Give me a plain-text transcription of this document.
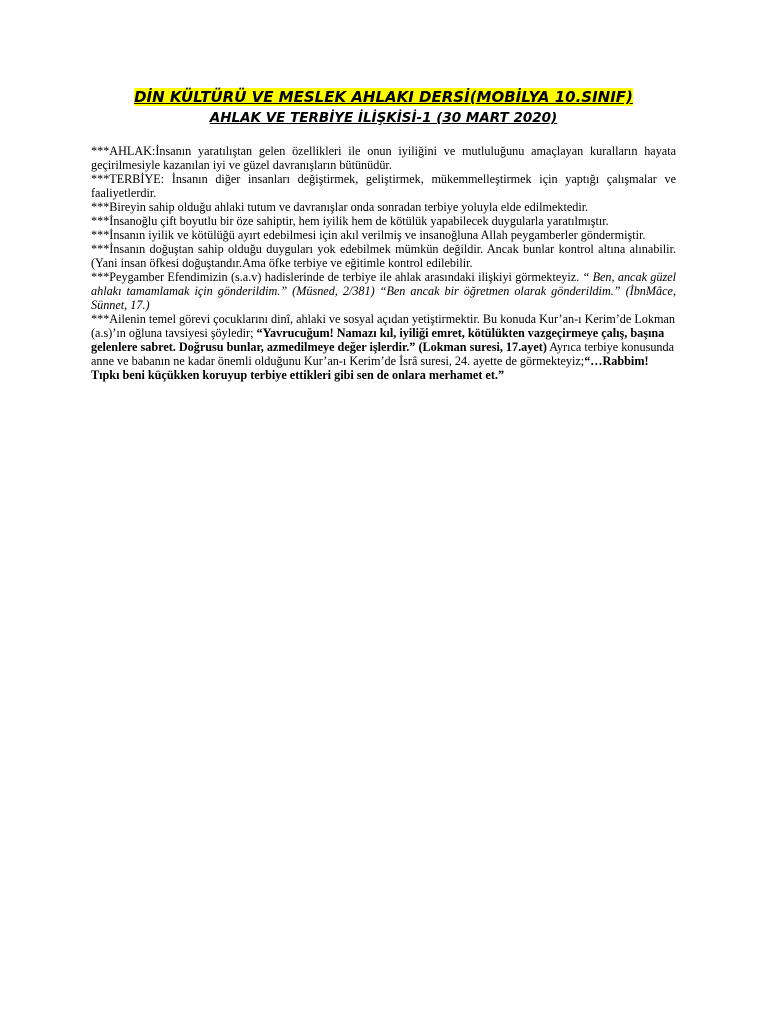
DİN KÜLTÜRÜ VE MESLEK AHLAKI DERSİ(MOBİLYA 10.SINIF)

AHLAK VE TERBİYE İLİŞKİSİ-1 (30 MART 2020)

***AHLAK:İnsanın yaratılıştan gelen özellikleri ile onun iyiliğini ve mutluluğunu amaçlayan kuralların hayata geçirilmesiyle kazanılan iyi ve güzel davranışların bütünüdür.

***TERBİYE: İnsanın diğer insanları değiştirmek, geliştirmek, mükemmelleştirmek için yaptığı çalışmalar ve faaliyetlerdir.

***Bireyin sahip olduğu ahlaki tutum ve davranışlar onda sonradan terbiye yoluyla elde edilmektedir.

***İnsanoğlu çift boyutlu bir öze sahiptir, hem iyilik hem de kötülük yapabilecek duygularla yaratılmıştır.

***İnsanın iyilik ve kötülüğü ayırt edebilmesi için akıl verilmiş ve insanoğluna Allah peygamberler göndermiştir.

***İnsanın doğuştan sahip olduğu duyguları yok edebilmek mümkün değildir. Ancak bunlar kontrol altına alınabilir.(Yani insan öfkesi doğuştandır.Ama öfke terbiye ve eğitimle kontrol edilebilir.

***Peygamber Efendimizin (s.a.v) hadislerinde de terbiye ile ahlak arasındaki ilişkiyi görmekteyiz. “ Ben, ancak güzel ahlakı tamamlamak için gönderildim.” (Müsned, 2/381) “Ben ancak bir öğretmen olarak gönderildim.” (İbnMâce, Sünnet, 17.)

***Ailenin temel görevi çocuklarını dinî, ahlaki ve sosyal açıdan yetiştirmektir. Bu konuda Kur’an-ı Kerim’de Lokman (a.s)’ın oğluna tavsiyesi şöyledir; “Yavrucuğum! Namazı kıl, iyiliği emret, kötülükten vazgeçirmeye çalış, başına gelenlere sabret. Doğrusu bunlar, azmedilmeye değer işlerdir.” (Lokman suresi, 17.ayet) Ayrıca terbiye konusunda anne ve babanın ne kadar önemli olduğunu Kur’an-ı Kerim’de İsrâ suresi, 24. ayette de görmekteyiz;“…Rabbim! Tıpkı beni küçükken koruyup terbiye ettikleri gibi sen de onlara merhamet et.”
